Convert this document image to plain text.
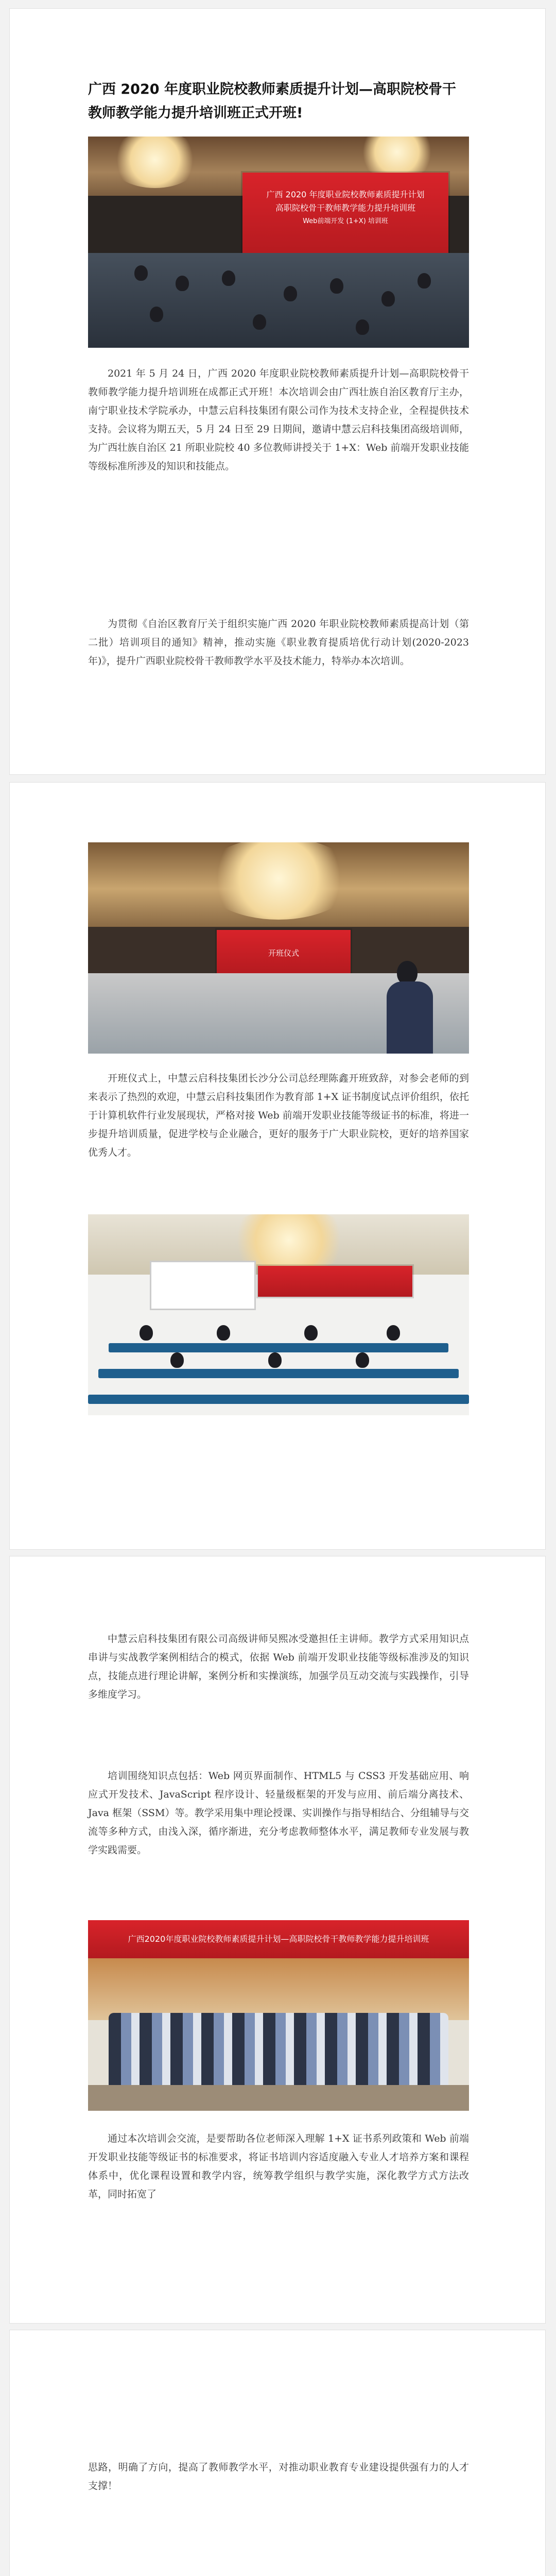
广西 2020 年度职业院校教师素质提升计划—高职院校骨干教师教学能力提升培训班正式开班!
广西 2020 年度职业院校教师素质提升计划
高职院校骨干教师教学能力提升培训班
Web前端开发 (1+X) 培训班

2021 年 5 月 24 日，广西 2020 年度职业院校教师素质提升计划—高职院校骨干教师教学能力提升培训班在成都正式开班！本次培训会由广西壮族自治区教育厅主办，南宁职业技术学院承办，中慧云启科技集团有限公司作为技术支持企业，全程提供技术支持。会议将为期五天，5 月 24 日至 29 日期间，邀请中慧云启科技集团高级培训师，为广西壮族自治区 21 所职业院校 40 多位教师讲授关于 1+X：Web 前端开发职业技能等级标准所涉及的知识和技能点。

为贯彻《自治区教育厅关于组织实施广西 2020 年职业院校教师素质提高计划（第二批）培训项目的通知》精神，推动实施《职业教育提质培优行动计划(2020-2023 年)》，提升广西职业院校骨干教师教学水平及技术能力，特举办本次培训。

开班仪式

开班仪式上，中慧云启科技集团长沙分公司总经理陈鑫开班致辞，对参会老师的到来表示了热烈的欢迎，中慧云启科技集团作为教育部 1+X 证书制度试点评价组织，依托于计算机软件行业发展现状，严格对接 Web 前端开发职业技能等级证书的标准，将进一步提升培训质量，促进学校与企业融合，更好的服务于广大职业院校，更好的培养国家优秀人才。

中慧云启科技集团有限公司高级讲师吴熙冰受邀担任主讲师。教学方式采用知识点串讲与实战教学案例相结合的模式，依据 Web 前端开发职业技能等级标准涉及的知识点，技能点进行理论讲解，案例分析和实操演练，加强学员互动交流与实践操作，引导多维度学习。

培训围绕知识点包括：Web 网页界面制作、HTML5 与 CSS3 开发基础应用、响应式开发技术、JavaScript 程序设计、轻量级框架的开发与应用、前后端分离技术、Java 框架（SSM）等。教学采用集中理论授课、实训操作与指导相结合、分组辅导与交流等多种方式，由浅入深，循序渐进，充分考虑教师整体水平，满足教师专业发展与教学实践需要。

广西2020年度职业院校教师素质提升计划—高职院校骨干教师教学能力提升培训班

通过本次培训会交流，是要帮助各位老师深入理解 1+X 证书系列政策和 Web 前端开发职业技能等级证书的标准要求，将证书培训内容适度融入专业人才培养方案和课程体系中，优化课程设置和教学内容，统筹教学组织与教学实施，深化教学方式方法改革，同时拓宽了

思路，明确了方向，提高了教师教学水平，对推动职业教育专业建设提供强有力的人才支撑！
